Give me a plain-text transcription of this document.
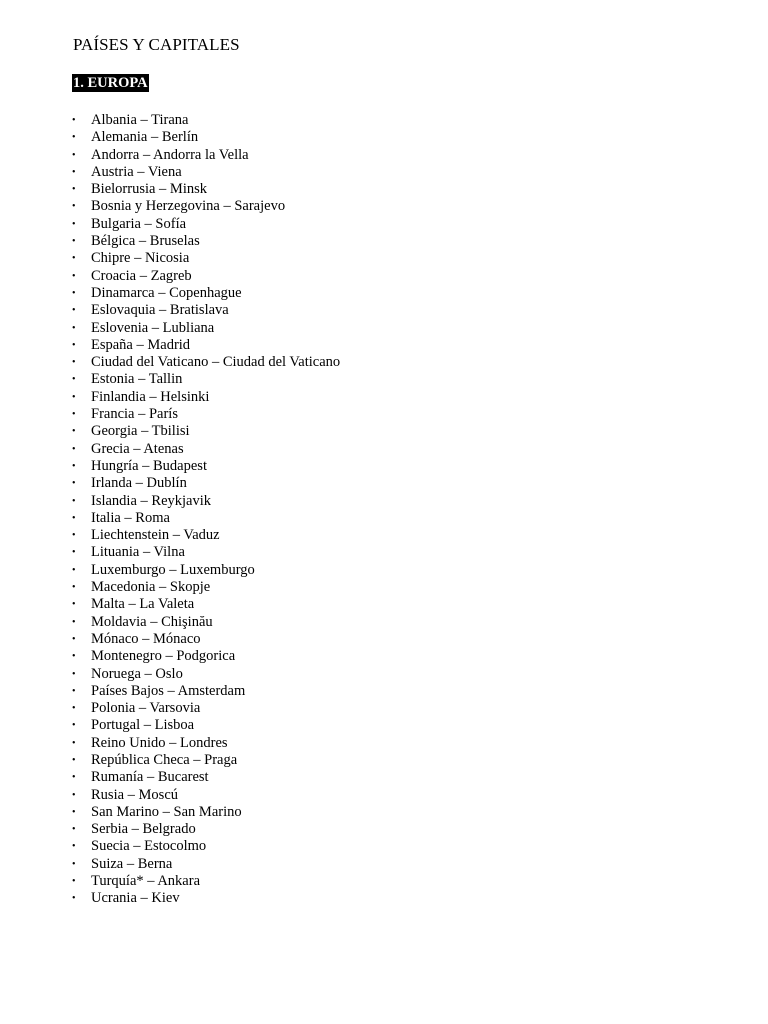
PAÍSES Y CAPITALES
1. EUROPA
• Albania – Tirana
• Alemania – Berlín
• Andorra – Andorra la Vella
• Austria – Viena
• Bielorrusia – Minsk
• Bosnia y Herzegovina – Sarajevo
• Bulgaria – Sofía
• Bélgica – Bruselas
• Chipre – Nicosia
• Croacia – Zagreb
• Dinamarca – Copenhague
• Eslovaquia – Bratislava
• Eslovenia – Lubliana
• España – Madrid
• Ciudad del Vaticano – Ciudad del Vaticano
• Estonia – Tallin
• Finlandia – Helsinki
• Francia – París
• Georgia – Tbilisi
• Grecia – Atenas
• Hungría – Budapest
• Irlanda – Dublín
• Islandia – Reykjavik
• Italia – Roma
• Liechtenstein – Vaduz
• Lituania – Vilna
• Luxemburgo – Luxemburgo
• Macedonia – Skopje
• Malta – La Valeta
• Moldavia – Chişinău
• Mónaco – Mónaco
• Montenegro – Podgorica
• Noruega – Oslo
• Países Bajos – Amsterdam
• Polonia – Varsovia
• Portugal – Lisboa
• Reino Unido – Londres
• República Checa – Praga
• Rumanía – Bucarest
• Rusia – Moscú
• San Marino – San Marino
• Serbia – Belgrado
• Suecia – Estocolmo
• Suiza – Berna
• Turquía* – Ankara
• Ucrania – Kiev
